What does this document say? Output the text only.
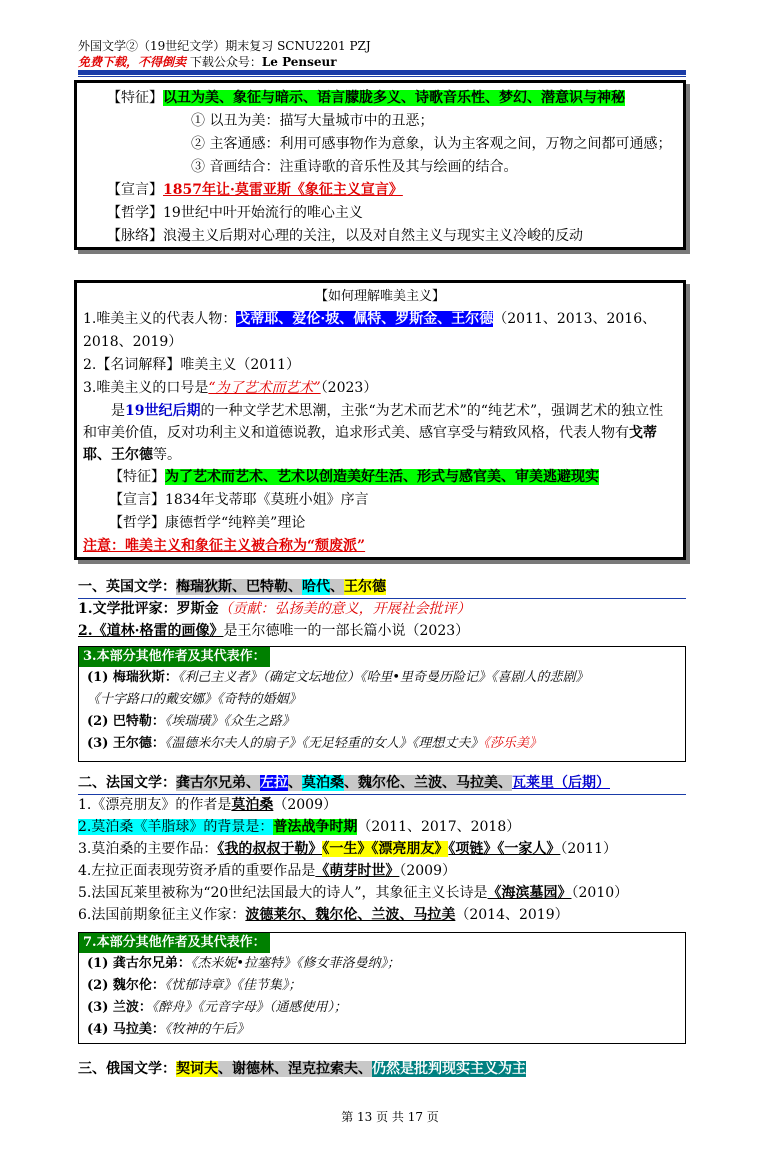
外国文学②（19世纪文学）期末复习 SCNU2201 PZJ
免费下载，不得倒卖 下载公众号：Le Penseur
【特征】以丑为美、象征与暗示、语言朦胧多义、诗歌音乐性、梦幻、潜意识与神秘
① 以丑为美：描写大量城市中的丑恶；
② 主客通感：利用可感事物作为意象，认为主客观之间，万物之间都可通感；
③ 音画结合：注重诗歌的音乐性及其与绘画的结合。
【宣言】1857年让·莫雷亚斯《象征主义宣言》
【哲学】19世纪中叶开始流行的唯心主义
【脉络】浪漫主义后期对心理的关注，以及对自然主义与现实主义冷峻的反动
【如何理解唯美主义】
1.唯美主义的代表人物：戈蒂耶、爱伦·坡、佩特、罗斯金、王尔德（2011、2013、2016、
2018、2019）
2.【名词解释】唯美主义（2011）
3.唯美主义的口号是“为了艺术而艺术”（2023）
是19世纪后期的一种文学艺术思潮，主张“为艺术而艺术”的“纯艺术”，强调艺术的独立性和审美价值，反对功利主义和道德说教，追求形式美、感官享受与精致风格，代表人物有戈蒂耶、王尔德等。
【特征】为了艺术而艺术、艺术以创造美好生活、形式与感官美、审美逃避现实
【宣言】1834年戈蒂耶《莫班小姐》序言
【哲学】康德哲学“纯粹美”理论
注意：唯美主义和象征主义被合称为“颓废派”
一、英国文学：梅瑞狄斯、巴特勒、哈代、王尔德
1.文学批评家：罗斯金（贡献：弘扬美的意义，开展社会批评）
2.《道林·格雷的画像》是王尔德唯一的一部长篇小说（2023）
3.本部分其他作者及其代表作：
(1) 梅瑞狄斯：《利己主义者》（确定文坛地位）《哈里•里奇曼历险记》《喜剧人的悲剧》
《十字路口的戴安娜》《奇特的婚姻》
(2) 巴特勒：《埃瑞璜》《众生之路》
(3) 王尔德：《温德米尔夫人的扇子》《无足轻重的女人》《理想丈夫》《莎乐美》
二、法国文学：龚古尔兄弟、左拉、莫泊桑、魏尔伦、兰波、马拉美、瓦莱里（后期）
1.《漂亮朋友》的作者是莫泊桑（2009）
2.莫泊桑《羊脂球》的背景是：普法战争时期（2011、2017、2018）
3.莫泊桑的主要作品：《我的叔叔于勒》《一生》《漂亮朋友》《项链》《一家人》（2011）
4.左拉正面表现劳资矛盾的重要作品是《萌芽时世》（2009）
5.法国瓦莱里被称为“20世纪法国最大的诗人”，其象征主义长诗是《海滨墓园》（2010）
6.法国前期象征主义作家：波德莱尔、魏尔伦、兰波、马拉美（2014、2019）
7.本部分其他作者及其代表作：
(1) 龚古尔兄弟：《杰米妮•拉塞特》《修女菲洛曼纳》；
(2) 魏尔伦：《忧郁诗章》《佳节集》；
(3) 兰波：《醉舟》《元音字母》（通感使用）；
(4) 马拉美：《牧神的午后》
三、俄国文学：契诃夫、谢德林、涅克拉索夫、仍然是批判现实主义为主
第 13 页 共 17 页
